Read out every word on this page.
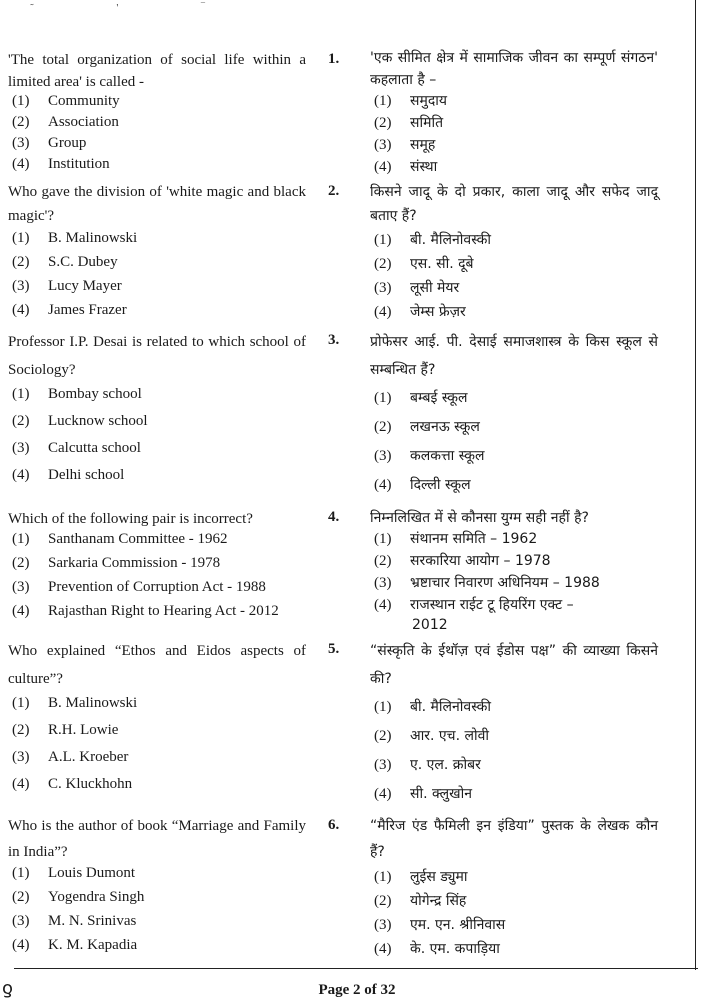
˜ ' ‾
'The total organization of social life within a limited area' is called -
(1) Community
(2) Association
(3) Group
(4) Institution
1. 'एक सीमित क्षेत्र में सामाजिक जीवन का सम्पूर्ण संगठन' कहलाता है –
(1) समुदाय
(2) समिति
(3) समूह
(4) संस्था
Who gave the division of 'white magic and black magic'?
(1) B. Malinowski
(2) S.C. Dubey
(3) Lucy Mayer
(4) James Frazer
2. किसने जादू के दो प्रकार, काला जादू और सफेद जादू बताए हैं?
(1) बी. मैलिनोवस्की
(2) एस. सी. दूबे
(3) लूसी मेयर
(4) जेम्स फ्रेज़र
Professor I.P. Desai is related to which school of Sociology?
(1) Bombay school
(2) Lucknow school
(3) Calcutta school
(4) Delhi school
3. प्रोफेसर आई. पी. देसाई समाजशास्त्र के किस स्कूल से सम्बन्धित हैं?
(1) बम्बई स्कूल
(2) लखनऊ स्कूल
(3) कलकत्ता स्कूल
(4) दिल्ली स्कूल
Which of the following pair is incorrect?
(1) Santhanam Committee - 1962
(2) Sarkaria Commission - 1978
(3) Prevention of Corruption Act - 1988
(4) Rajasthan Right to Hearing Act - 2012
4. निम्नलिखित में से कौनसा युग्म सही नहीं है?
(1) संथानम समिति – 1962
(2) सरकारिया आयोग – 1978
(3) भ्रष्टाचार निवारण अधिनियम – 1988
(4) राजस्थान राईट टू हियरिंग एक्ट –
2012
Who explained “Ethos and Eidos aspects of culture”?
(1) B. Malinowski
(2) R.H. Lowie
(3) A.L. Kroeber
(4) C. Kluckhohn
5. “संस्कृति के ईथॉज़ एवं ईडोस पक्ष” की व्याख्या किसने की?
(1) बी. मैलिनोवस्की
(2) आर. एच. लोवी
(3) ए. एल. क्रोबर
(4) सी. क्लुखोन
Who is the author of book “Marriage and Family in India”?
(1) Louis Dumont
(2) Yogendra Singh
(3) M. N. Srinivas
(4) K. M. Kapadia
6. “मैरिज एंड फैमिली इन इंडिया” पुस्तक के लेखक कौन हैं?
(1) लुईस ड्युमा
(2) योगेन्द्र सिंह
(3) एम. एन. श्रीनिवास
(4) के. एम. कपाड़िया
ƍ	Page 2 of 32
